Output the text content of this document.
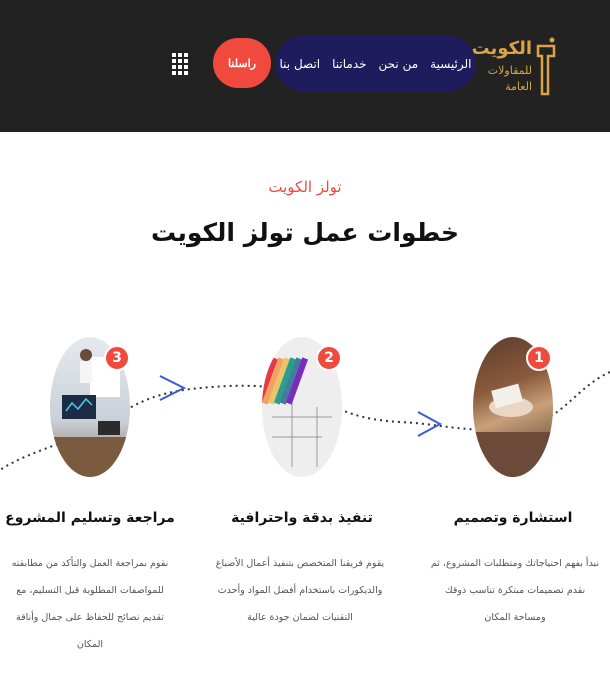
الكويت
للمقاولات
العامة
الرئيسية
من نحن
خدماتنا
اتصل بنا
راسلنا
تولز الكويت
خطوات عمل تولز الكويت
1
2
3
استشارة وتصميم
تنفيذ بدقة واحترافية
مراجعة وتسليم المشروع

نبدأ بفهم احتياجاتك ومتطلبات المشروع، ثم نقدم تصميمات مبتكرة تناسب ذوقك ومساحة المكان

يقوم فريقنا المتخصص بتنفيذ أعمال الأصباغ والديكورات باستخدام أفضل المواد وأحدث التقنيات لضمان جودة عالية

نقوم بمراجعة العمل والتأكد من مطابقته للمواصفات المطلوبة قبل التسليم، مع تقديم نصائح للحفاظ على جمال وأناقة المكان
